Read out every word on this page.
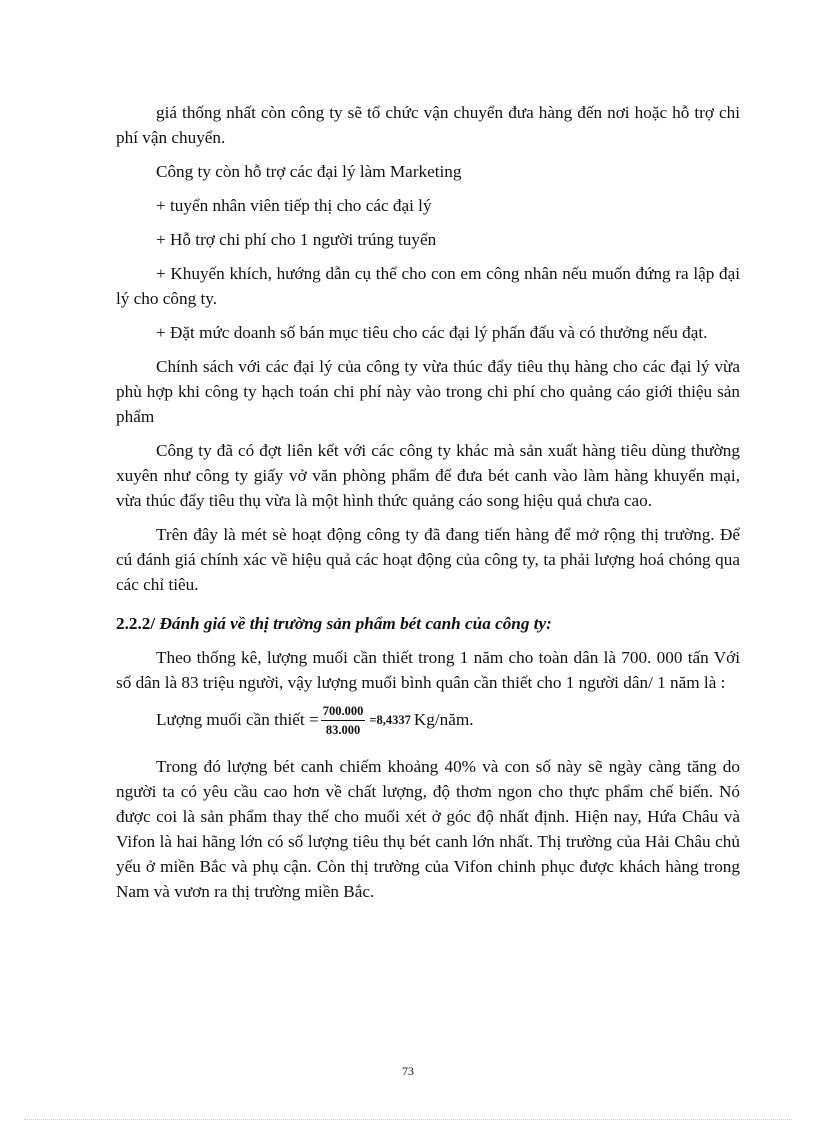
giá thống nhất còn công ty sẽ tổ chức vận chuyển đưa hàng đến nơi hoặc hỗ trợ chi phí vận chuyển.

Công ty còn hỗ trợ các đại lý làm Marketing

+ tuyển nhân viên tiếp thị cho các đại lý

+ Hỗ trợ chi phí cho 1 người trúng tuyển

+ Khuyến khích, hướng dẫn cụ thể cho con em công nhân nếu muốn đứng ra lập đại lý cho công ty.

+ Đặt mức doanh số bán mục tiêu cho các đại lý phấn đấu và có thưởng nếu đạt.

Chính sách với các đại lý của công ty vừa thúc đẩy tiêu thụ hàng cho các đại lý vừa phù hợp khi công ty hạch toán chi phí này vào trong chi phí cho quảng cáo giới thiệu sản phẩm

Công ty đã có đợt liên kết với các công ty khác mà sản xuất hàng tiêu dùng thường xuyên như công ty giấy vở văn phòng phẩm để đưa bét canh vào làm hàng khuyến mại, vừa thúc đẩy tiêu thụ vừa là một hình thức quảng cáo song hiệu quả chưa cao.

Trên đây là mét sè hoạt động công ty đã đang tiến hàng để mở rộng thị trường. Để cú đánh giá chính xác về hiệu quả các hoạt động của công ty, ta phải lượng hoá chóng qua các chỉ tiêu.

2.2.2/ Đánh giá về thị trường sản phẩm bét canh của công ty:

Theo thống kê, lượng muối cần thiết trong 1 năm cho toàn dân là 700. 000 tấn Với số dân là 83 triệu người, vậy lượng muối bình quân cần thiết cho 1 người dân/ 1 năm là :

Lượng muối cần thiết = $\frac{700.000}{83.000} =8,4337$ Kg/năm.

Trong đó lượng bét canh chiếm khoảng 40% và con số này sẽ ngày càng tăng do người ta có yêu cầu cao hơn về chất lượng, độ thơm ngon cho thực phẩm chế biến. Nó được coi là sản phẩm thay thế cho muối xét ở góc độ nhất định. Hiện nay, Hứa Châu và Vifon là hai hãng lớn có số lượng tiêu thụ bét canh lớn nhất. Thị trường của Hải Châu chủ yếu ở miền Bắc và phụ cận. Còn thị trường của Vifon chinh phục được khách hàng trong Nam và vươn ra thị trường miền Bắc.

73
